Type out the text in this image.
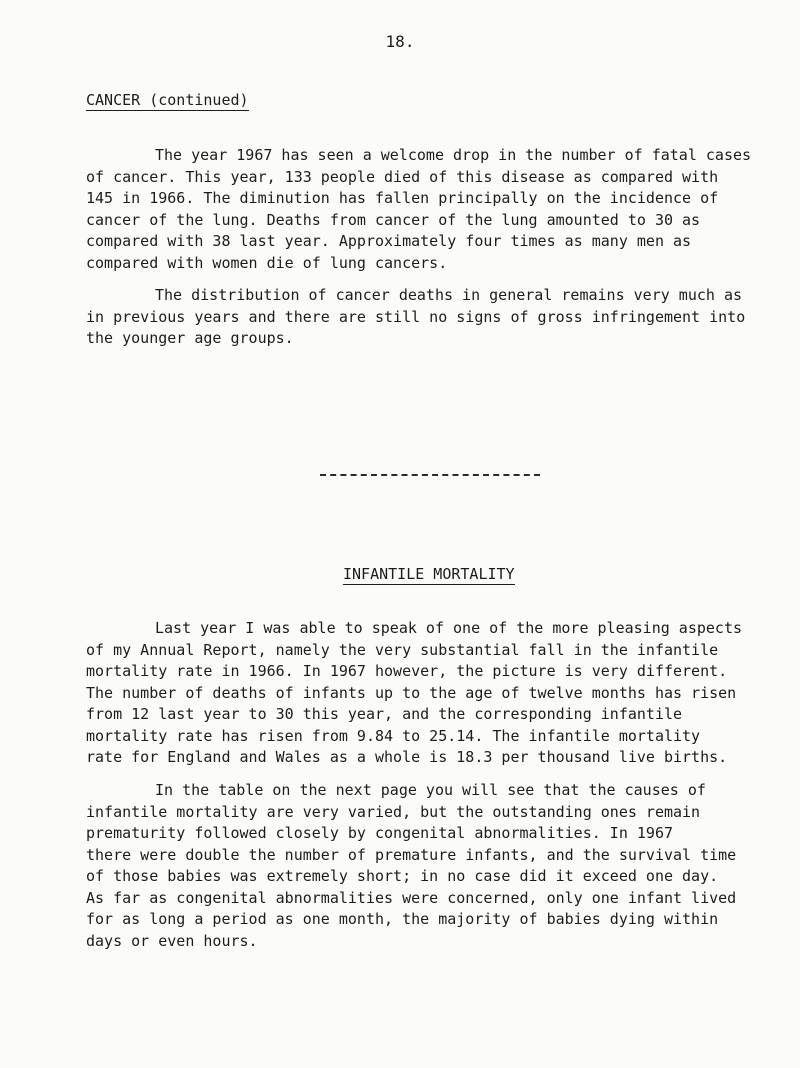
18.
CANCER (continued)

The year 1967 has seen a welcome drop in the number of fatal cases
of cancer. This year, 133 people died of this disease as compared with
145 in 1966. The diminution has fallen principally on the incidence of
cancer of the lung. Deaths from cancer of the lung amounted to 30 as
compared with 38 last year. Approximately four times as many men as
compared with women die of lung cancers.

The distribution of cancer deaths in general remains very much as
in previous years and there are still no signs of gross infringement into
the younger age groups.

INFANTILE MORTALITY

Last year I was able to speak of one of the more pleasing aspects
of my Annual Report, namely the very substantial fall in the infantile
mortality rate in 1966. In 1967 however, the picture is very different.
The number of deaths of infants up to the age of twelve months has risen
from 12 last year to 30 this year, and the corresponding infantile
mortality rate has risen from 9.84 to 25.14. The infantile mortality
rate for England and Wales as a whole is 18.3 per thousand live births.

In the table on the next page you will see that the causes of
infantile mortality are very varied, but the outstanding ones remain
prematurity followed closely by congenital abnormalities. In 1967
there were double the number of premature infants, and the survival time
of those babies was extremely short; in no case did it exceed one day.
As far as congenital abnormalities were concerned, only one infant lived
for as long a period as one month, the majority of babies dying within
days or even hours.
